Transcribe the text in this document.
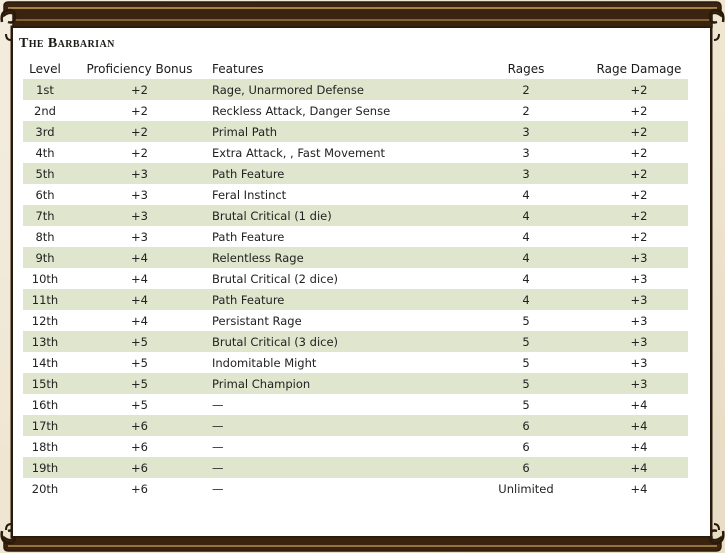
The Barbarian
Level	Proficiency Bonus	Features	Rages	Rage Damage
1st	+2	Rage, Unarmored Defense	2	+2
2nd	+2	Reckless Attack, Danger Sense	2	+2
3rd	+2	Primal Path	3	+2
4th	+2	Extra Attack, , Fast Movement	3	+2
5th	+3	Path Feature	3	+2
6th	+3	Feral Instinct	4	+2
7th	+3	Brutal Critical (1 die)	4	+2
8th	+3	Path Feature	4	+2
9th	+4	Relentless Rage	4	+3
10th	+4	Brutal Critical (2 dice)	4	+3
11th	+4	Path Feature	4	+3
12th	+4	Persistant Rage	5	+3
13th	+5	Brutal Critical (3 dice)	5	+3
14th	+5	Indomitable Might	5	+3
15th	+5	Primal Champion	5	+3
16th	+5	—	5	+4
17th	+6	—	6	+4
18th	+6	—	6	+4
19th	+6	—	6	+4
20th	+6	—	Unlimited	+4
